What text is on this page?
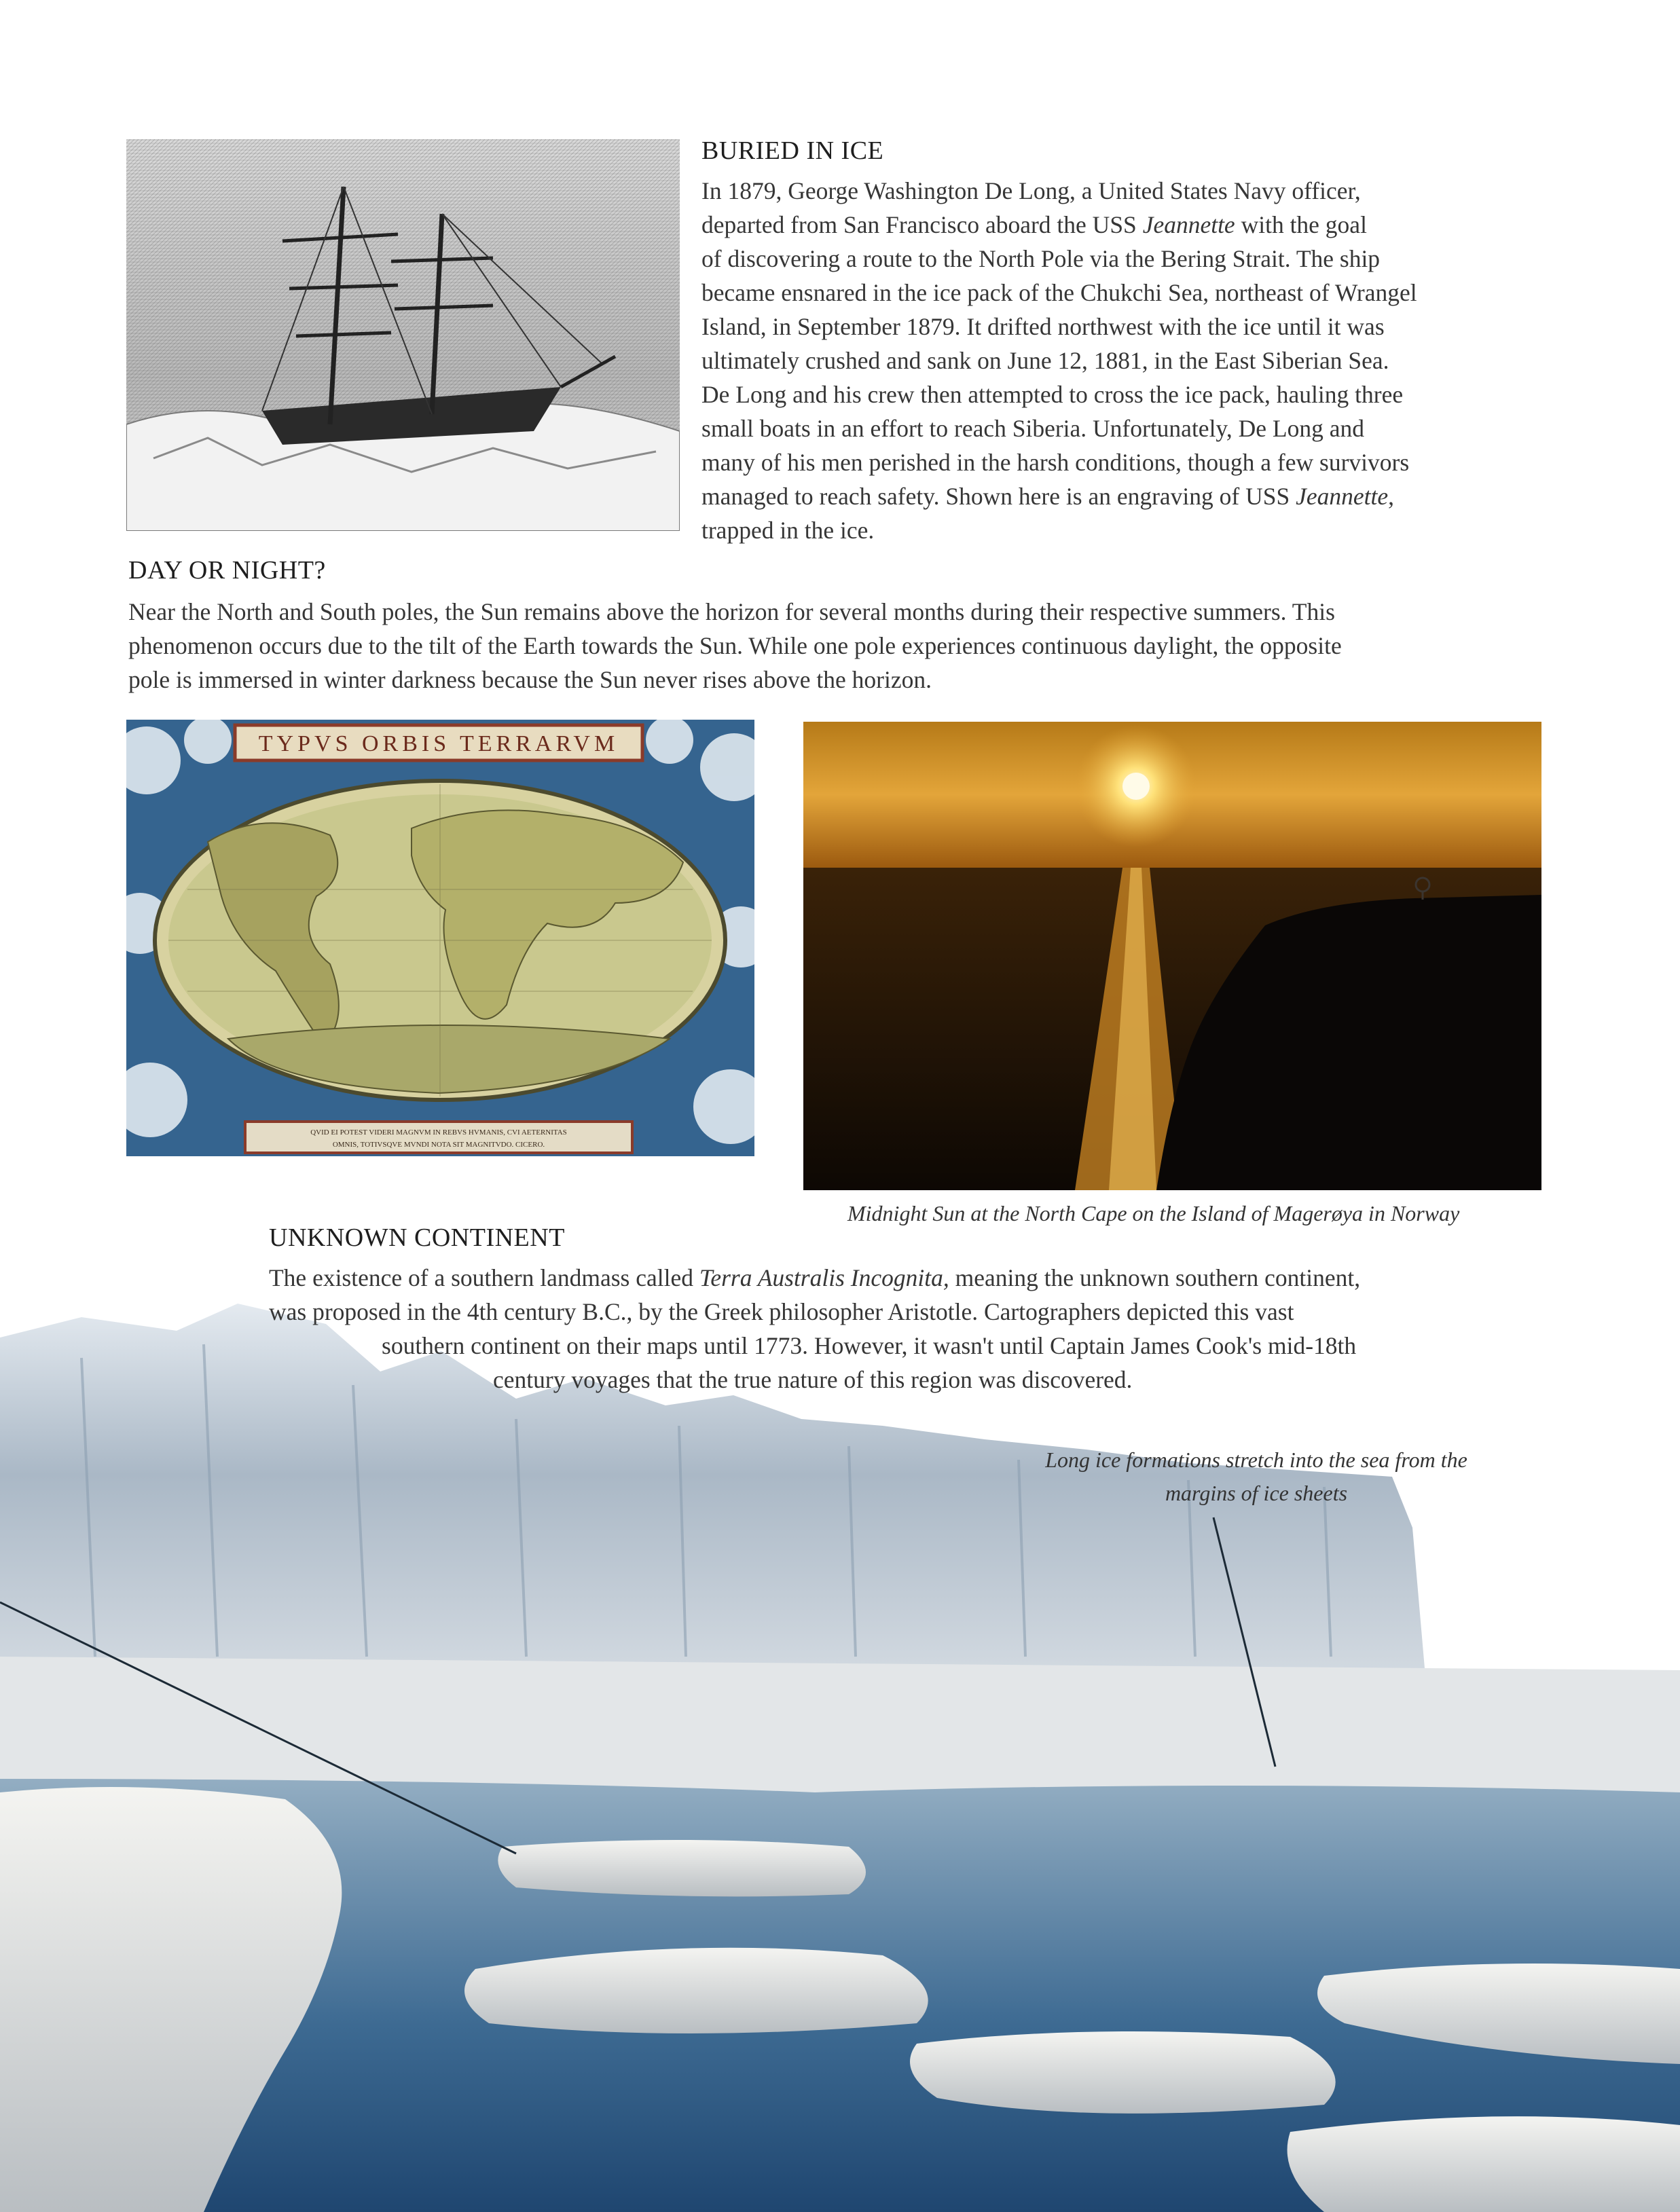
BURIED IN ICE
In 1879, George Washington De Long, a United States Navy officer,
departed from San Francisco aboard the USS Jeannette with the goal
of discovering a route to the North Pole via the Bering Strait. The ship
became ensnared in the ice pack of the Chukchi Sea, northeast of Wrangel
Island, in September 1879. It drifted northwest with the ice until it was
ultimately crushed and sank on June 12, 1881, in the East Siberian Sea.
De Long and his crew then attempted to cross the ice pack, hauling three
small boats in an effort to reach Siberia. Unfortunately, De Long and
many of his men perished in the harsh conditions, though a few survivors
managed to reach safety. Shown here is an engraving of USS Jeannette,
trapped in the ice.
DAY OR NIGHT?
Near the North and South poles, the Sun remains above the horizon for several months during their respective summers. This
phenomenon occurs due to the tilt of the Earth towards the Sun. While one pole experiences continuous daylight, the opposite
pole is immersed in winter darkness because the Sun never rises above the horizon.
TYPVS ORBIS TERRARVM
QVID EI POTEST VIDERI MAGNVM IN REBVS HVMANIS, CVI AETERNITAS
OMNIS, TOTIVSQVE MVNDI NOTA SIT MAGNITVDO. CICERO.
Midnight Sun at the North Cape on the Island of Magerøya in Norway
UNKNOWN CONTINENT
The existence of a southern landmass called Terra Australis Incognita, meaning the unknown southern continent,
was proposed in the 4th century B.C., by the Greek philosopher Aristotle. Cartographers depicted this vast
southern continent on their maps until 1773. However, it wasn't until Captain James Cook's mid-18th
century voyages that the true nature of this region was discovered.
Long ice formations stretch into the sea from the
margins of ice sheets
